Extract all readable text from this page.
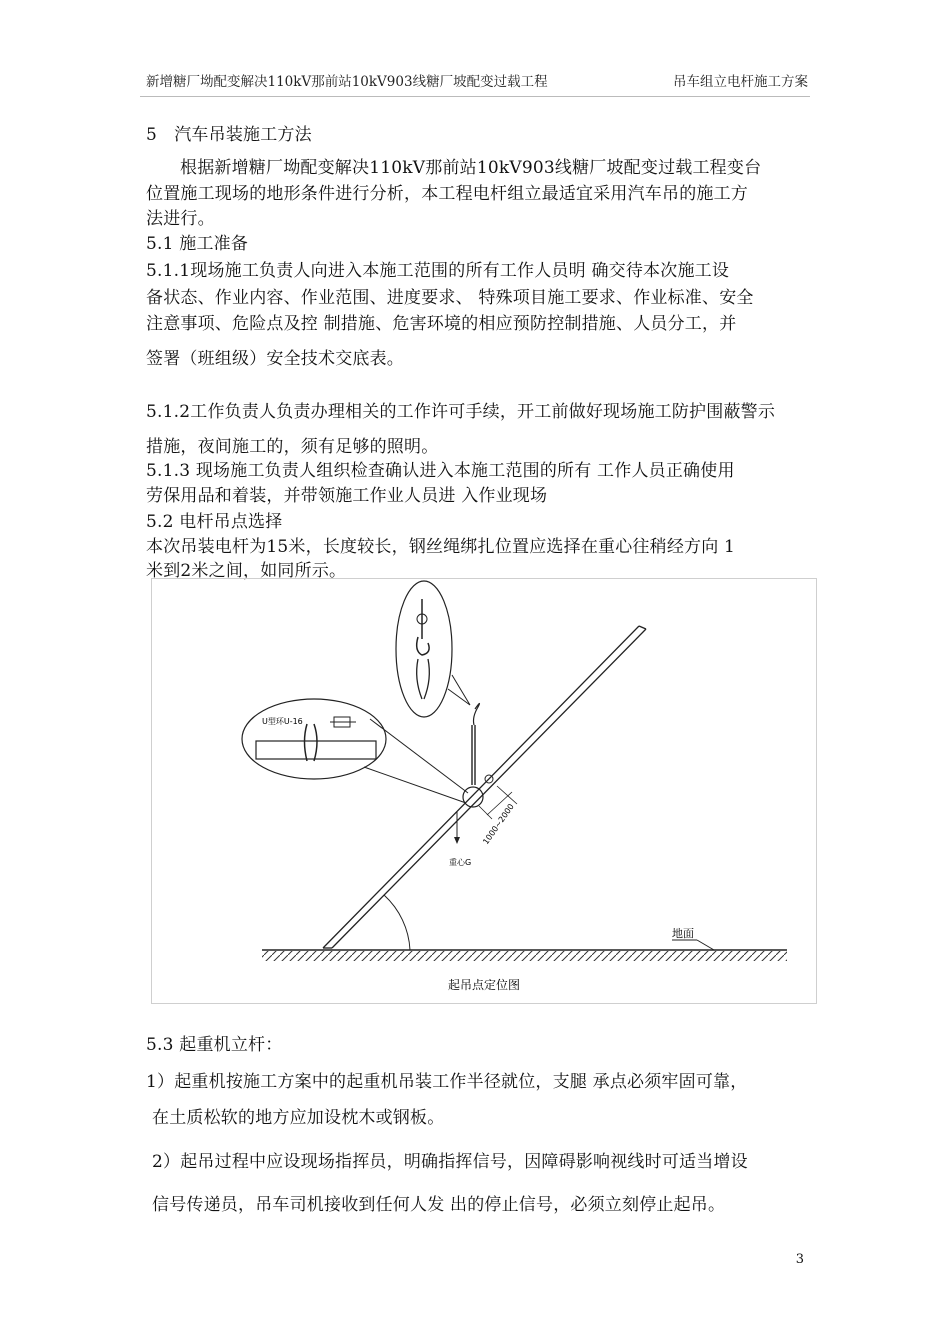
新增糖厂坳配变解决110kV那前站10kV903线糖厂坡配变过载工程	吊车组立电杆施工方案
5　汽车吊装施工方法
根据新增糖厂坳配变解决110kV那前站10kV903线糖厂坡配变过载工程变台
位置施工现场的地形条件进行分析，本工程电杆组立最适宜采用汽车吊的施工方
法进行。
5.1 施工准备
5.1.1现场施工负责人向进入本施工范围的所有工作人员明 确交待本次施工设
备状态、作业内容、作业范围、进度要求、 特殊项目施工要求、作业标准、安全
注意事项、危险点及控 制措施、危害环境的相应预防控制措施、人员分工，并
签署（班组级）安全技术交底表。
5.1.2工作负责人负责办理相关的工作许可手续，开工前做好现场施工防护围蔽警示
措施，夜间施工的，须有足够的照明。
5.1.3 现场施工负责人组织检查确认进入本施工范围的所有 工作人员正确使用
劳保用品和着装，并带领施工作业人员进 入作业现场
5.2 电杆吊点选择
本次吊装电杆为15米，长度较长，钢丝绳绑扎位置应选择在重心往稍经方向 1
米到2米之间，如同所示。
地面
重心G
1000~2000
U型环U-16
起吊点定位图
5.3 起重机立杆：
1）起重机按施工方案中的起重机吊装工作半径就位，支腿 承点必须牢固可靠，
在土质松软的地方应加设枕木或钢板。
2）起吊过程中应设现场指挥员，明确指挥信号，因障碍影响视线时可适当增设
信号传递员，吊车司机接收到任何人发 出的停止信号，必须立刻停止起吊。
3
